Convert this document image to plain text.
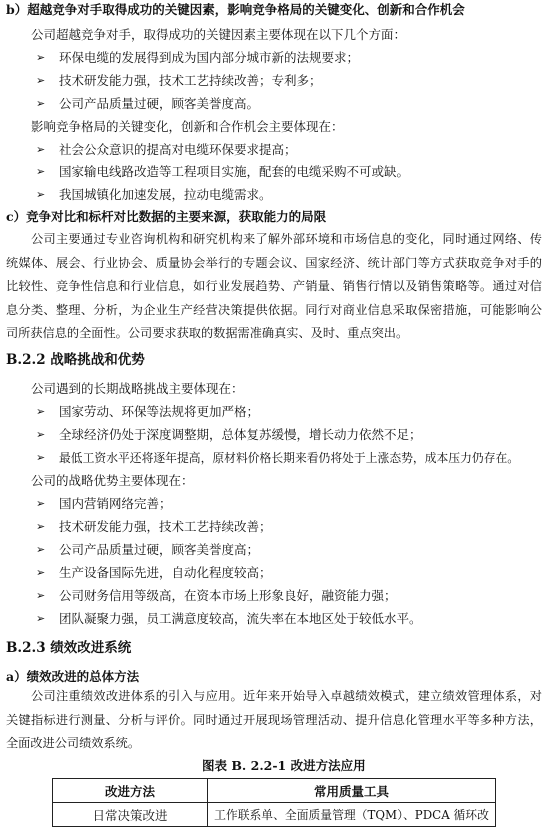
b）超越竞争对手取得成功的关键因素，影响竞争格局的关键变化、创新和合作机会
公司超越竞争对手，取得成功的关键因素主要体现在以下几个方面：
➢ 环保电缆的发展得到成为国内部分城市新的法规要求；
➢ 技术研发能力强，技术工艺持续改善；专利多；
➢ 公司产品质量过硬，顾客美誉度高。
影响竞争格局的关键变化，创新和合作机会主要体现在：
➢ 社会公众意识的提高对电缆环保要求提高；
➢ 国家输电线路改造等工程项目实施，配套的电缆采购不可或缺。
➢ 我国城镇化加速发展，拉动电缆需求。
c）竞争对比和标杆对比数据的主要来源，获取能力的局限
公司主要通过专业咨询机构和研究机构来了解外部环境和市场信息的变化，同时通过网络、传统媒体、展会、行业协会、质量协会举行的专题会议、国家经济、统计部门等方式获取竞争对手的比较性、竞争性信息和行业信息，如行业发展趋势、产销量、销售行情以及销售策略等。通过对信息分类、整理、分析，为企业生产经营决策提供依据。同行对商业信息采取保密措施，可能影响公司所获信息的全面性。公司要求获取的数据需准确真实、及时、重点突出。
B.2.2 战略挑战和优势
公司遇到的长期战略挑战主要体现在：
➢ 国家劳动、环保等法规将更加严格；
➢ 全球经济仍处于深度调整期，总体复苏缓慢，增长动力依然不足；
➢ 最低工资水平还将逐年提高，原材料价格长期来看仍将处于上涨态势，成本压力仍存在。
公司的战略优势主要体现在：
➢ 国内营销网络完善；
➢ 技术研发能力强，技术工艺持续改善；
➢ 公司产品质量过硬，顾客美誉度高；
➢ 生产设备国际先进，自动化程度较高；
➢ 公司财务信用等级高，在资本市场上形象良好，融资能力强；
➢ 团队凝聚力强，员工满意度较高，流失率在本地区处于较低水平。
B.2.3 绩效改进系统
a）绩效改进的总体方法
公司注重绩效改进体系的引入与应用。近年来开始导入卓越绩效模式，建立绩效管理体系，对关键指标进行测量、分析与评价。同时通过开展现场管理活动、提升信息化管理水平等多种方法，全面改进公司绩效系统。
图表 B. 2.2-1 改进方法应用
改进方法	常用质量工具
日常决策改进	工作联系单、全面质量管理（TQM）、PDCA 循环改
